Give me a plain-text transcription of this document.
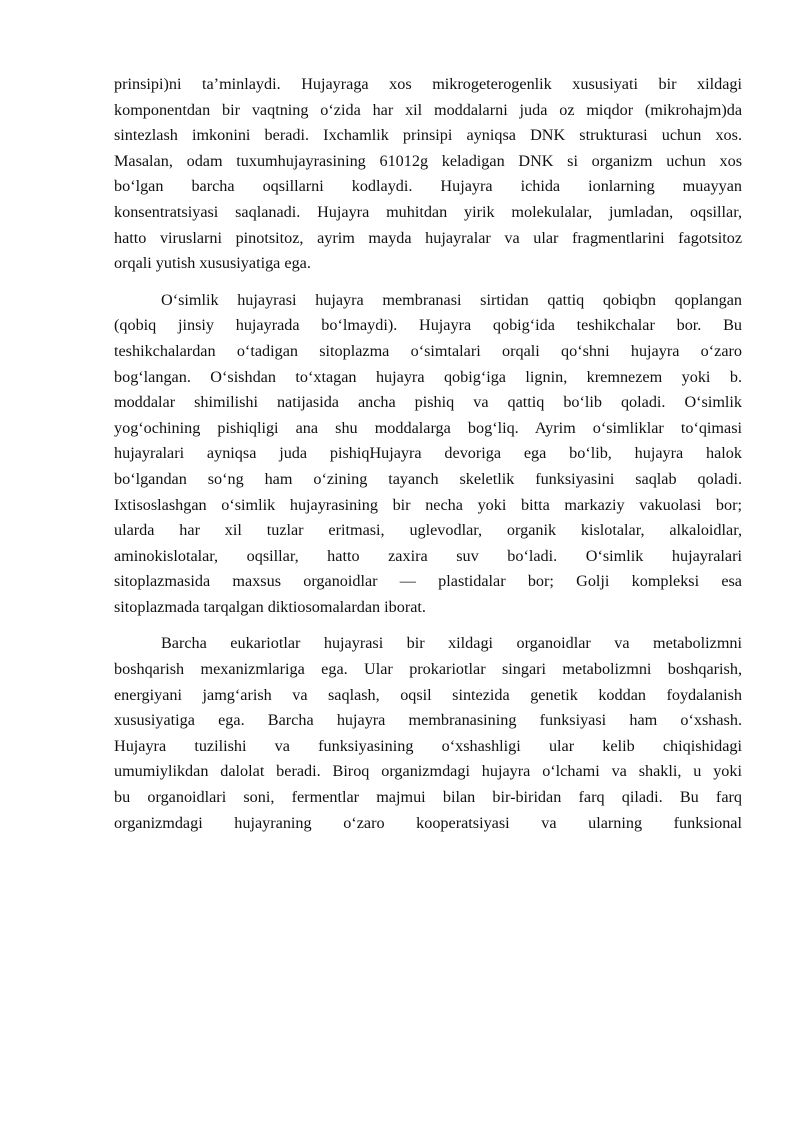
prinsipi)ni ta’minlaydi. Hujayraga xos mikrogeterogenlik xususiyati bir xildagi
komponentdan bir vaqtning o‘zida har xil moddalarni juda oz miqdor (mikrohajm)da
sintezlash imkonini beradi. Ixchamlik prinsipi ayniqsa DNK strukturasi uchun xos.
Masalan, odam tuxumhujayrasining 61012g keladigan DNK si organizm uchun xos
bo‘lgan barcha oqsillarni kodlaydi. Hujayra ichida ionlarning muayyan
konsentratsiyasi saqlanadi. Hujayra muhitdan yirik molekulalar, jumladan, oqsillar,
hatto viruslarni pinotsitoz, ayrim mayda hujayralar va ular fragmentlarini fagotsitoz
orqali yutish xususiyatiga ega.
O‘simlik hujayrasi hujayra membranasi sirtidan qattiq qobiqbn qoplangan
(qobiq jinsiy hujayrada bo‘lmaydi). Hujayra qobig‘ida teshikchalar bor. Bu
teshikchalardan o‘tadigan sitoplazma o‘simtalari orqali qo‘shni hujayra o‘zaro
bog‘langan. O‘sishdan to‘xtagan hujayra qobig‘iga lignin, kremnezem yoki b.
moddalar shimilishi natijasida ancha pishiq va qattiq bo‘lib qoladi. O‘simlik
yog‘ochining pishiqligi ana shu moddalarga bog‘liq. Ayrim o‘simliklar to‘qimasi
hujayralari ayniqsa juda pishiqHujayra devoriga ega bo‘lib, hujayra halok
bo‘lgandan so‘ng ham o‘zining tayanch skeletlik funksiyasini saqlab qoladi.
Ixtisoslashgan o‘simlik hujayrasining bir necha yoki bitta markaziy vakuolasi bor;
ularda har xil tuzlar eritmasi, uglevodlar, organik kislotalar, alkaloidlar,
aminokislotalar, oqsillar, hatto zaxira suv bo‘ladi. O‘simlik hujayralari
sitoplazmasida maxsus organoidlar — plastidalar bor; Golji kompleksi esa
sitoplazmada tarqalgan diktiosomalardan iborat.
Barcha eukariotlar hujayrasi bir xildagi organoidlar va metabolizmni
boshqarish mexanizmlariga ega. Ular prokariotlar singari metabolizmni boshqarish,
energiyani jamg‘arish va saqlash, oqsil sintezida genetik koddan foydalanish
xususiyatiga ega. Barcha hujayra membranasining funksiyasi ham o‘xshash.
Hujayra tuzilishi va funksiyasining o‘xshashligi ular kelib chiqishidagi
umumiylikdan dalolat beradi. Biroq organizmdagi hujayra o‘lchami va shakli, u yoki
bu organoidlari soni, fermentlar majmui bilan bir-biridan farq qiladi. Bu farq
organizmdagi hujayraning o‘zaro kooperatsiyasi va ularning funksional
